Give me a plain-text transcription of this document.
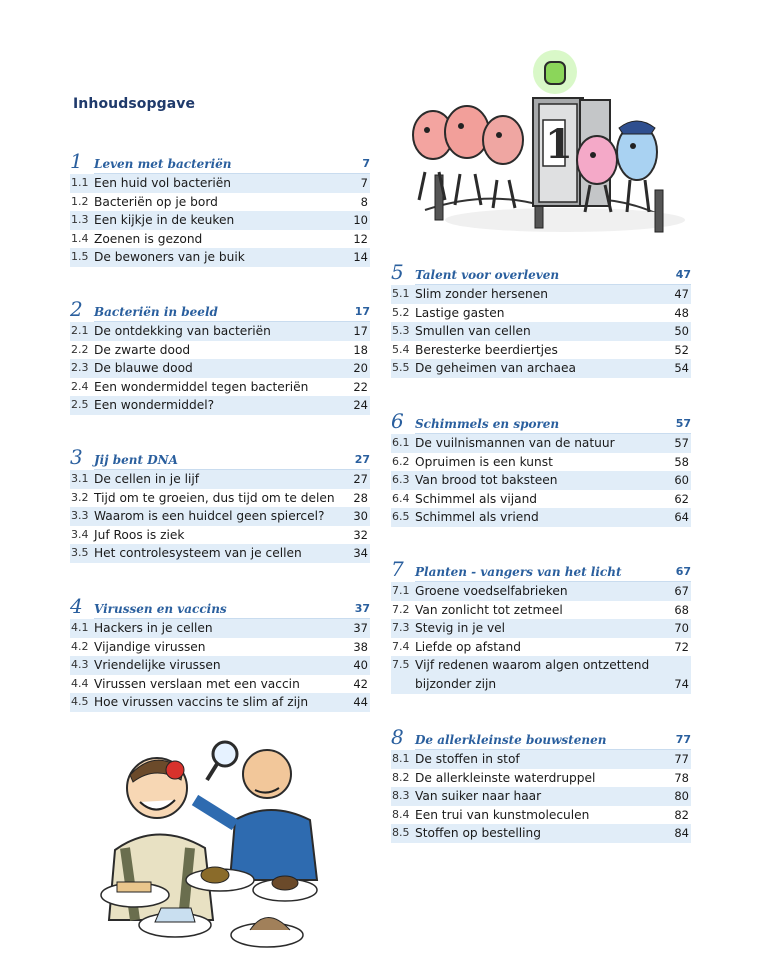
Inhoudsopgave
1 Leven met bacteriën	7
1.1 Een huid vol bacteriën	7
1.2 Bacteriën op je bord	8
1.3 Een kijkje in de keuken	10
1.4 Zoenen is gezond	12
1.5 De bewoners van je buik	14
2 Bacteriën in beeld	17
2.1 De ontdekking van bacteriën	17
2.2 De zwarte dood	18
2.3 De blauwe dood	20
2.4 Een wondermiddel tegen bacteriën	22
2.5 Een wondermiddel?	24
3 Jij bent DNA	27
3.1 De cellen in je lijf	27
3.2 Tijd om te groeien, dus tijd om te delen 28
3.3 Waarom is een huidcel geen spiercel?	30
3.4 Juf Roos is ziek	32
3.5 Het controlesysteem van je cellen	34
4 Virussen en vaccins	37
4.1 Hackers in je cellen	37
4.2 Vijandige virussen	38
4.3 Vriendelijke virussen	40
4.4 Virussen verslaan met een vaccin	42
4.5 Hoe virussen vaccins te slim af zijn	44
5 Talent voor overleven	47
5.1 Slim zonder hersenen	47
5.2 Lastige gasten	48
5.3 Smullen van cellen	50
5.4 Beresterke beerdiertjes	52
5.5 De geheimen van archaea	54
6 Schimmels en sporen	57
6.1 De vuilnismannen van de natuur	57
6.2 Opruimen is een kunst	58
6.3 Van brood tot baksteen	60
6.4 Schimmel als vijand	62
6.5 Schimmel als vriend	64
7 Planten - vangers van het licht	67
7.1 Groene voedselfabrieken	67
7.2 Van zonlicht tot zetmeel	68
7.3 Stevig in je vel	70
7.4 Liefde op afstand	72
7.5 Vijf redenen waarom algen ontzettend
bijzonder zijn	74
8 De allerkleinste bouwstenen	77
8.1 De stoffen in stof	77
8.2 De allerkleinste waterdruppel	78
8.3 Van suiker naar haar	80
8.4 Een trui van kunstmoleculen	82
8.5 Stoffen op bestelling	84
1
